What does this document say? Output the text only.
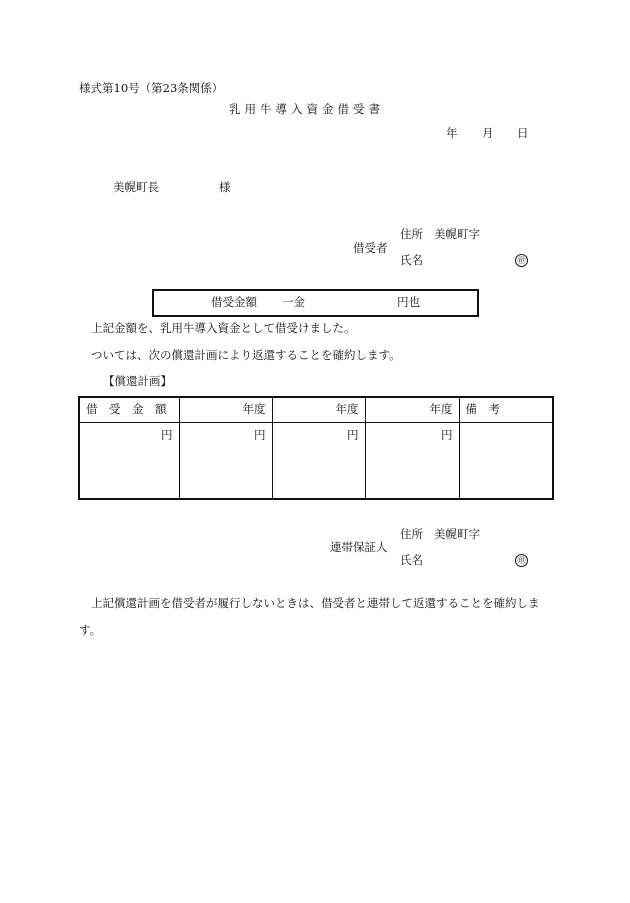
様式第10号（第23条関係）
乳用牛導入資金借受書
年 月 日
美幌町長	様
借受者
住所 美幌町字
氏名	㊞
借受金額 一金	円也
上記金額を、乳用牛導入資金として借受けました。
ついては、次の償還計画により返還することを確約します。
【償還計画】
借　受　金　額	年度	年度	年度	備　考
円	円	円	円	
連帯保証人
住所 美幌町字
氏名	㊞
上記償還計画を借受者が履行しないときは、借受者と連帯して返還することを確約しま
す。
